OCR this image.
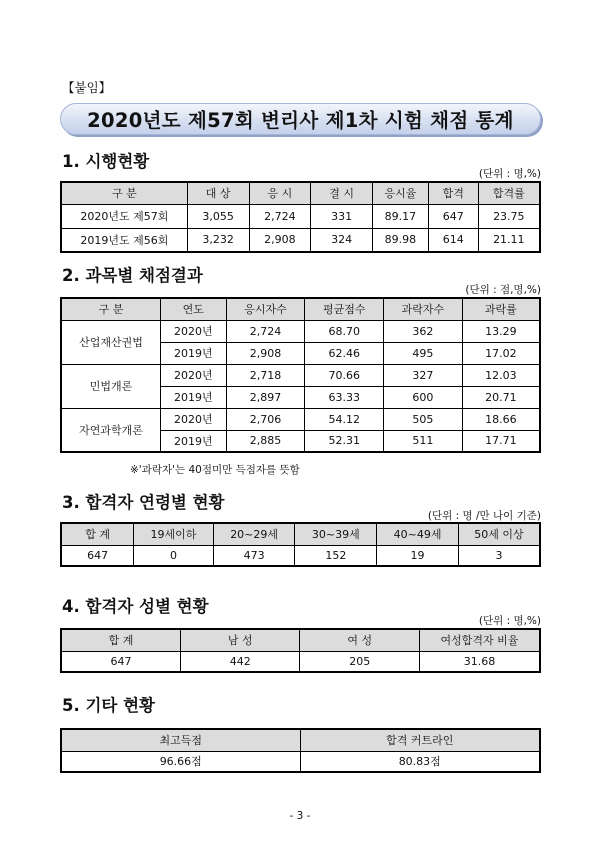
【붙임】
2020년도 제57회 변리사 제1차 시험 채점 통계
1. 시행현황
(단위 : 명,%)
구 분	대 상	응 시	결 시	응시율	합격	합격률
2020년도 제57회	3,055	2,724	331	89.17	647	23.75
2019년도 제56회	3,232	2,908	324	89.98	614	21.11
2. 과목별 채점결과
(단위 : 점,명,%)
구 분	연도	응시자수	평균점수	과락자수	과락률
산업재산권법	2020년	2,724	68.70	362	13.29
	2019년	2,908	62.46	495	17.02
민법개론	2020년	2,718	70.66	327	12.03
	2019년	2,897	63.33	600	20.71
자연과학개론	2020년	2,706	54.12	505	18.66
	2019년	2,885	52.31	511	17.71
※'과락자'는 40점미만 득점자를 뜻함
3. 합격자 연령별 현황
(단위 : 명 /만 나이 기준)
합 계	19세이하	20~29세	30~39세	40~49세	50세 이상
647	0	473	152	19	3
4. 합격자 성별 현황
(단위 : 명,%)
합 계	남 성	여 성	여성합격자 비율
647	442	205	31.68
5. 기타 현황
최고득점	합격 커트라인
96.66점	80.83점
- 3 -
